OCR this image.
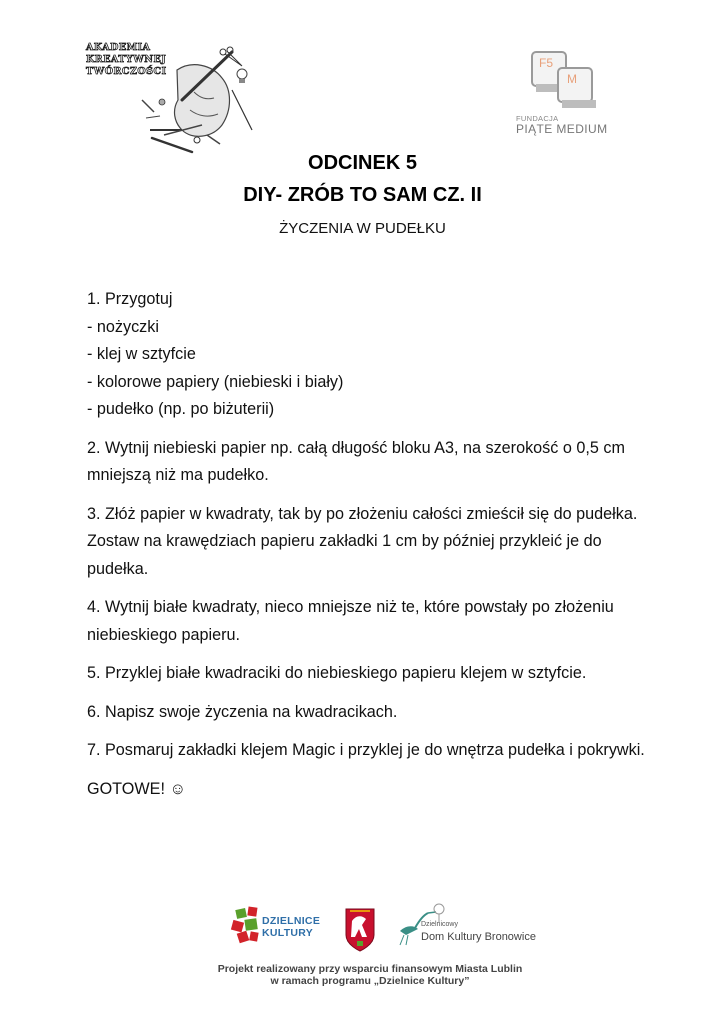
AKADEMIA
KREATYWNEJ
TWÓRCZOŚCI
F5
M
FUNDACJA
PIĄTE MEDIUM
ODCINEK 5
DIY- ZRÓB TO SAM CZ. II
ŻYCZENIA W PUDEŁKU
1. Przygotuj
- nożyczki
- klej w sztyfcie
- kolorowe papiery (niebieski i biały)
- pudełko (np. po biżuterii)
2. Wytnij niebieski papier np. całą długość bloku A3, na szerokość o 0,5 cm mniejszą niż ma pudełko.
3. Złóż papier w kwadraty, tak by po złożeniu całości zmieścił się do pudełka. Zostaw na krawędziach papieru zakładki 1 cm by później przykleić je do pudełka.
4. Wytnij białe kwadraty, nieco mniejsze niż te, które powstały po złożeniu niebieskiego papieru.
5. Przyklej białe kwadraciki do niebieskiego papieru klejem w sztyfcie.
6. Napisz swoje życzenia na kwadracikach.
7. Posmaruj zakładki klejem Magic i przyklej je do wnętrza pudełka i pokrywki.
GOTOWE! ☺
DZIELNICE
KULTURY
Dzielnicowy
Dom Kultury Bronowice
Projekt realizowany przy wsparciu finansowym Miasta Lublin
w ramach programu „Dzielnice Kultury”
